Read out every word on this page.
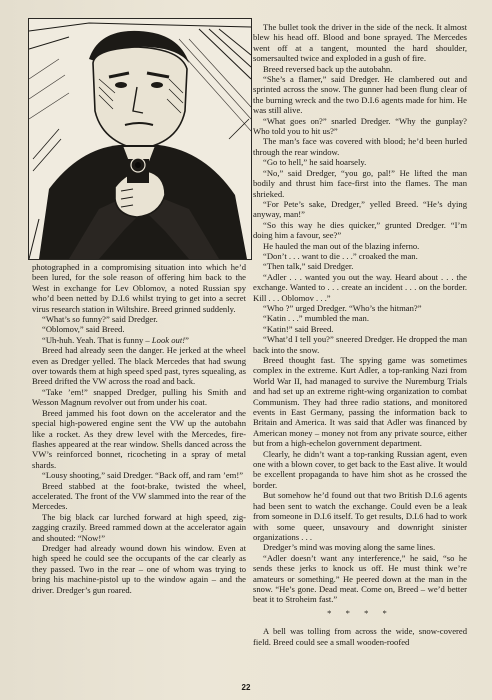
photographed in a compromising situation into which he’d been lured, for the sole reason of offering him back to the West in exchange for Lev Oblomov, a noted Russian spy who’d been netted by D.I.6 whilst trying to get into a secret virus research station in Wiltshire. Breed grinned suddenly.

“What’s so funny?” said Dredger.

“Oblomov,” said Breed.

“Uh-huh. Yeah. That is funny – Look out!”

Breed had already seen the danger. He jerked at the wheel even as Dredger yelled. The black Mercedes that had swung over towards them at high speed sped past, tyres squealing, as Breed drifted the VW across the road and back.

“Take ’em!” snapped Dredger, pulling his Smith and Wesson Magnum revolver out from under his coat.

Breed jammed his foot down on the accelerator and the special high-powered engine sent the VW up the autobahn like a rocket. As they drew level with the Mercedes, fire-flashes appeared at the rear window. Shells danced across the VW’s reinforced bonnet, ricocheting in a spray of metal shards.

“Lousy shooting,” said Dredger. “Back off, and ram ’em!”

Breed stabbed at the foot-brake, twisted the wheel, accelerated. The front of the VW slammed into the rear of the Mercedes.

The big black car lurched forward at high speed, zig-zagging crazily. Breed rammed down at the accelerator again and shouted: “Now!”

Dredger had already wound down his window. Even at high speed he could see the occupants of the car clearly as they passed. Two in the rear – one of whom was trying to bring his machine-pistol up to the window again – and the driver. Dredger’s gun roared.

The bullet took the driver in the side of the neck. It almost blew his head off. Blood and bone sprayed. The Mercedes went off at a tangent, mounted the hard shoulder, somersaulted twice and exploded in a gush of fire.

Breed reversed back up the autobahn.

“She’s a flamer,” said Dredger. He clambered out and sprinted across the snow. The gunner had been flung clear of the burning wreck and the two D.I.6 agents made for him. He was still alive.

“What goes on?” snarled Dredger. “Why the gunplay? Who told you to hit us?”

The man’s face was covered with blood; he’d been hurled through the rear window.

“Go to hell,” he said hoarsely.

“No,” said Dredger, “you go, pal!” He lifted the man bodily and thrust him face-first into the flames. The man shrieked.

“For Pete’s sake, Dredger,” yelled Breed. “He’s dying anyway, man!”

“So this way he dies quicker,” grunted Dredger. “I’m doing him a favour, see?”

He hauled the man out of the blazing inferno.

“Don’t . . . want to die . . .” croaked the man.

“Then talk,” said Dredger.

“Adler . . . wanted you out the way. Heard about . . . the exchange. Wanted to . . . create an incident . . . on the border. Kill . . . Oblomov . . .”

“Who ?” urged Dredger. “Who’s the hitman?”

“Katin . . .” mumbled the man.

“Katin!” said Breed.

“What’d I tell you?” sneered Dredger. He dropped the man back into the snow.

Breed thought fast. The spying game was sometimes complex in the extreme. Kurt Adler, a top-ranking Nazi from World War II, had managed to survive the Nuremburg Trials and had set up an extreme right-wing organization to combat Communism. They had three radio stations, and monitored events in East Germany, passing the information back to Britain and America. It was said that Adler was financed by American money – money not from any private source, either but from a high-echelon government department.

Clearly, he didn’t want a top-ranking Russian agent, even one with a blown cover, to get back to the East alive. It would be excellent propaganda to have him shot as he crossed the border.

But somehow he’d found out that two British D.I.6 agents had been sent to watch the exchange. Could even be a leak from someone in D.I.6 itself. To get results, D.I.6 had to work with some queer, unsavoury and downright sinister organizations . . .

Dredger’s mind was moving along the same lines.

“Adler doesn’t want any interference,” he said, “so he sends these jerks to knock us off. He must think we’re amateurs or something.” He peered down at the man in the snow. “He’s gone. Dead meat. Come on, Breed – we’d better beat it to Stroheim fast.”

* * * *

A bell was tolling from across the wide, snow-covered field. Breed could see a small wooden-roofed

22
